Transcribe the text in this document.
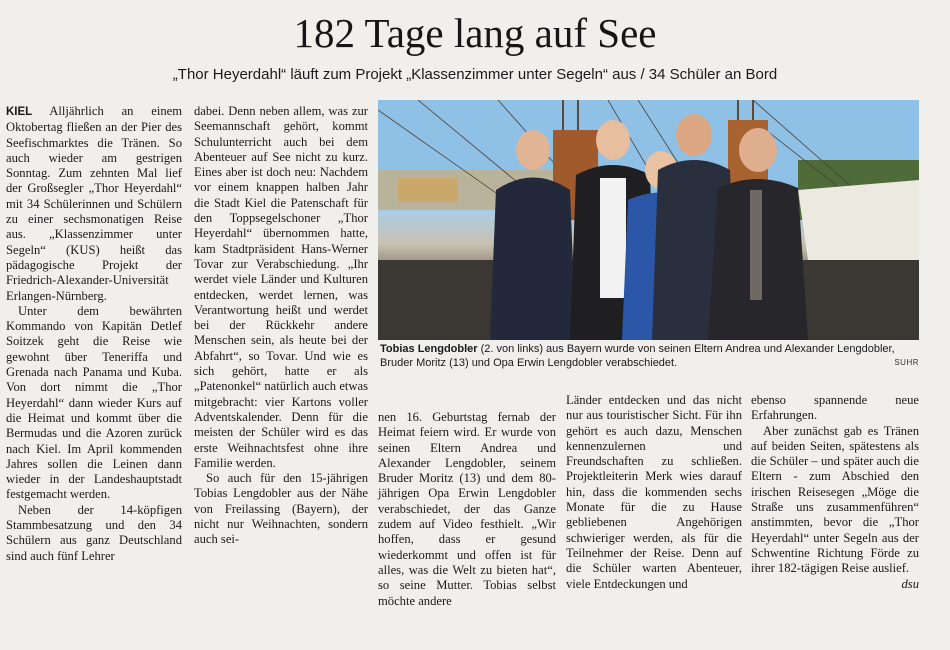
182 Tage lang auf See
„Thor Heyerdahl“ läuft zum Projekt „Klassenzimmer unter Segeln“ aus / 34 Schüler an Bord

KIEL Alljährlich an einem Oktobertag fließen an der Pier des Seefischmarktes die Tränen. So auch wieder am gestrigen Sonntag. Zum zehnten Mal lief der Großsegler „Thor Heyerdahl“ mit 34 Schülerinnen und Schülern zu einer sechsmonatigen Reise aus. „Klassenzimmer unter Segeln“ (KUS) heißt das pädagogische Projekt der Friedrich-Alexander-Universität Erlangen-Nürnberg.

Unter dem bewährten Kommando von Kapitän Detlef Soitzek geht die Reise wie gewohnt über Teneriffa und Grenada nach Panama und Kuba. Von dort nimmt die „Thor Heyerdahl“ dann wieder Kurs auf die Heimat und kommt über die Bermudas und die Azoren zurück nach Kiel. Im April kommenden Jahres sollen die Leinen dann wieder in der Landeshauptstadt festgemacht werden.

Neben der 14-köpfigen Stammbesatzung und den 34 Schülern aus ganz Deutschland sind auch fünf Lehrer

dabei. Denn neben allem, was zur Seemannschaft gehört, kommt Schulunterricht auch bei dem Abenteuer auf See nicht zu kurz. Eines aber ist doch neu: Nachdem vor einem knappen halben Jahr die Stadt Kiel die Patenschaft für den Toppsegelschoner „Thor Heyerdahl“ übernommen hatte, kam Stadtpräsident Hans-Werner Tovar zur Verabschiedung. „Ihr werdet viele Länder und Kulturen entdecken, werdet lernen, was Verantwortung heißt und werdet bei der Rückkehr andere Menschen sein, als heute bei der Abfahrt“, so Tovar. Und wie es sich gehört, hatte er als „Patenonkel“ natürlich auch etwas mitgebracht: vier Kartons voller Adventskalender. Denn für die meisten der Schüler wird es das erste Weihnachtsfest ohne ihre Familie werden.

So auch für den 15-jährigen Tobias Lengdobler aus der Nähe von Freilassing (Bayern), der nicht nur Weihnachten, sondern auch sei-

Tobias Lengdobler (2. von links) aus Bayern wurde von seinen Eltern Andrea und Alexander Lengdobler, Bruder Moritz (13) und Opa Erwin Lengdobler verabschiedet.	SUHR

nen 16. Geburtstag fernab der Heimat feiern wird. Er wurde von seinen Eltern Andrea und Alexander Lengdobler, seinem Bruder Moritz (13) und dem 80-jährigen Opa Erwin Lengdobler verabschiedet, der das Ganze zudem auf Video festhielt. „Wir hoffen, dass er gesund wiederkommt und offen ist für alles, was die Welt zu bieten hat“, so seine Mutter. Tobias selbst möchte andere

Länder entdecken und das nicht nur aus touristischer Sicht. Für ihn gehört es auch dazu, Menschen kennenzulernen und Freundschaften zu schließen. Projektleiterin Merk wies darauf hin, dass die kommenden sechs Monate für die zu Hause gebliebenen Angehörigen schwieriger werden, als für die Teilnehmer der Reise. Denn auf die Schüler warten Abenteuer, viele Entdeckungen und

ebenso spannende neue Erfahrungen.

Aber zunächst gab es Tränen auf beiden Seiten, spätestens als die Schüler – und später auch die Eltern - zum Abschied den irischen Reisesegen „Möge die Straße uns zusammenführen“ anstimmten, bevor die „Thor Heyerdahl“ unter Segeln aus der Schwentine Richtung Förde zu ihrer 182-tägigen Reise auslief.

dsu
